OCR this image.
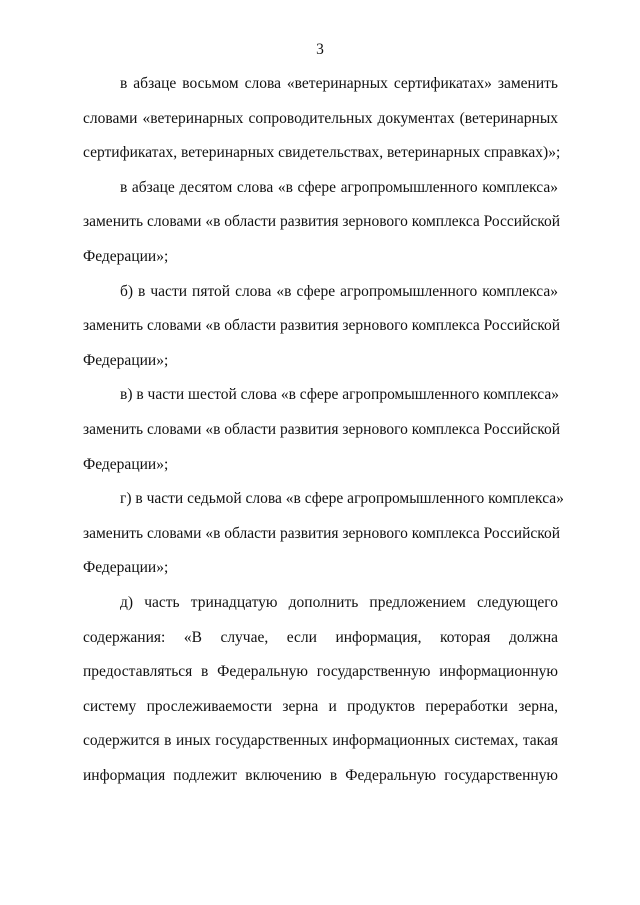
3
в абзаце восьмом слова «ветеринарных сертификатах» заменить
словами «ветеринарных сопроводительных документах (ветеринарных
сертификатах, ветеринарных свидетельствах, ветеринарных справках)»;
в абзаце десятом слова «в сфере агропромышленного комплекса»
заменить словами «в области развития зернового комплекса Российской
Федерации»;
б) в части пятой слова «в сфере агропромышленного комплекса»
заменить словами «в области развития зернового комплекса Российской
Федерации»;
в) в части шестой слова «в сфере агропромышленного комплекса»
заменить словами «в области развития зернового комплекса Российской
Федерации»;
г) в части седьмой слова «в сфере агропромышленного комплекса»
заменить словами «в области развития зернового комплекса Российской
Федерации»;
д) часть тринадцатую дополнить предложением следующего
содержания: «В случае, если информация, которая должна
предоставляться в Федеральную государственную информационную
систему прослеживаемости зерна и продуктов переработки зерна,
содержится в иных государственных информационных системах, такая
информация подлежит включению в Федеральную государственную
